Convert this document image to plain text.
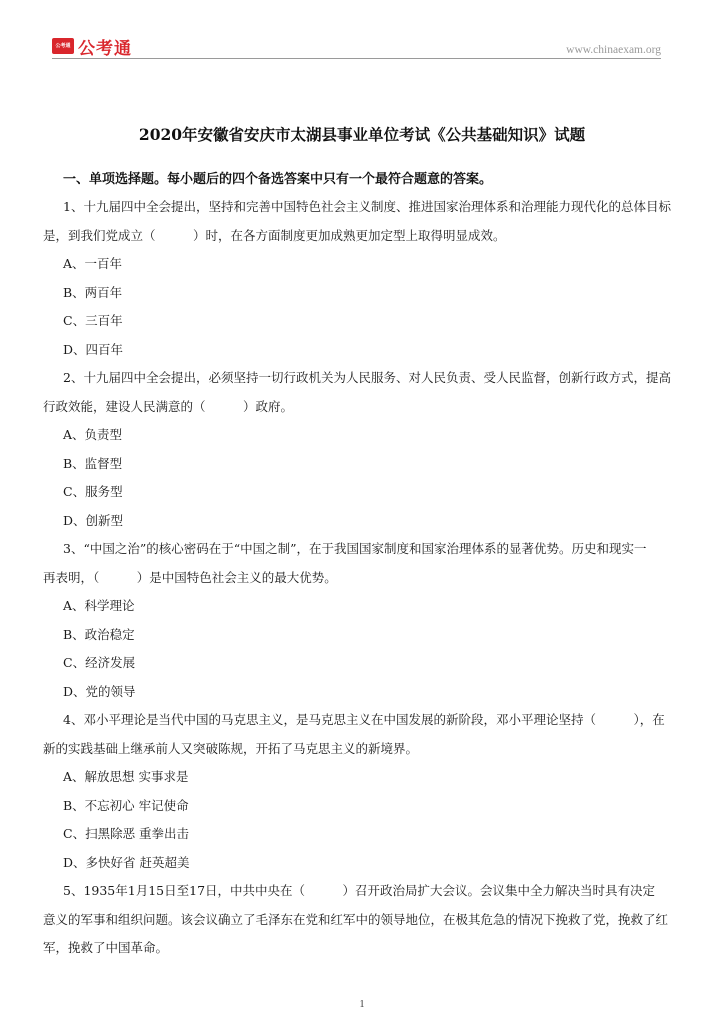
公考通 公考通	www.chinaexam.org
2020年安徽省安庆市太湖县事业单位考试《公共基础知识》试题
一、单项选择题。每小题后的四个备选答案中只有一个最符合题意的答案。
1、十九届四中全会提出，坚持和完善中国特色社会主义制度、推进国家治理体系和治理能力现代化的总体目标
是，到我们党成立（　　　）时，在各方面制度更加成熟更加定型上取得明显成效。
A、一百年
B、两百年
C、三百年
D、四百年
2、十九届四中全会提出，必须坚持一切行政机关为人民服务、对人民负责、受人民监督，创新行政方式，提高
行政效能，建设人民满意的（　　　）政府。
A、负责型
B、监督型
C、服务型
D、创新型
3、“中国之治”的核心密码在于“中国之制”，在于我国国家制度和国家治理体系的显著优势。历史和现实一
再表明，（　　　）是中国特色社会主义的最大优势。
A、科学理论
B、政治稳定
C、经济发展
D、党的领导
4、邓小平理论是当代中国的马克思主义，是马克思主义在中国发展的新阶段，邓小平理论坚持（　　　），在
新的实践基础上继承前人又突破陈规，开拓了马克思主义的新境界。
A、解放思想 实事求是
B、不忘初心 牢记使命
C、扫黑除恶 重拳出击
D、多快好省 赶英超美
5、1935年1月15日至17日，中共中央在（　　　）召开政治局扩大会议。会议集中全力解决当时具有决定
意义的军事和组织问题。该会议确立了毛泽东在党和红军中的领导地位，在极其危急的情况下挽救了党，挽救了红
军，挽救了中国革命。
1
